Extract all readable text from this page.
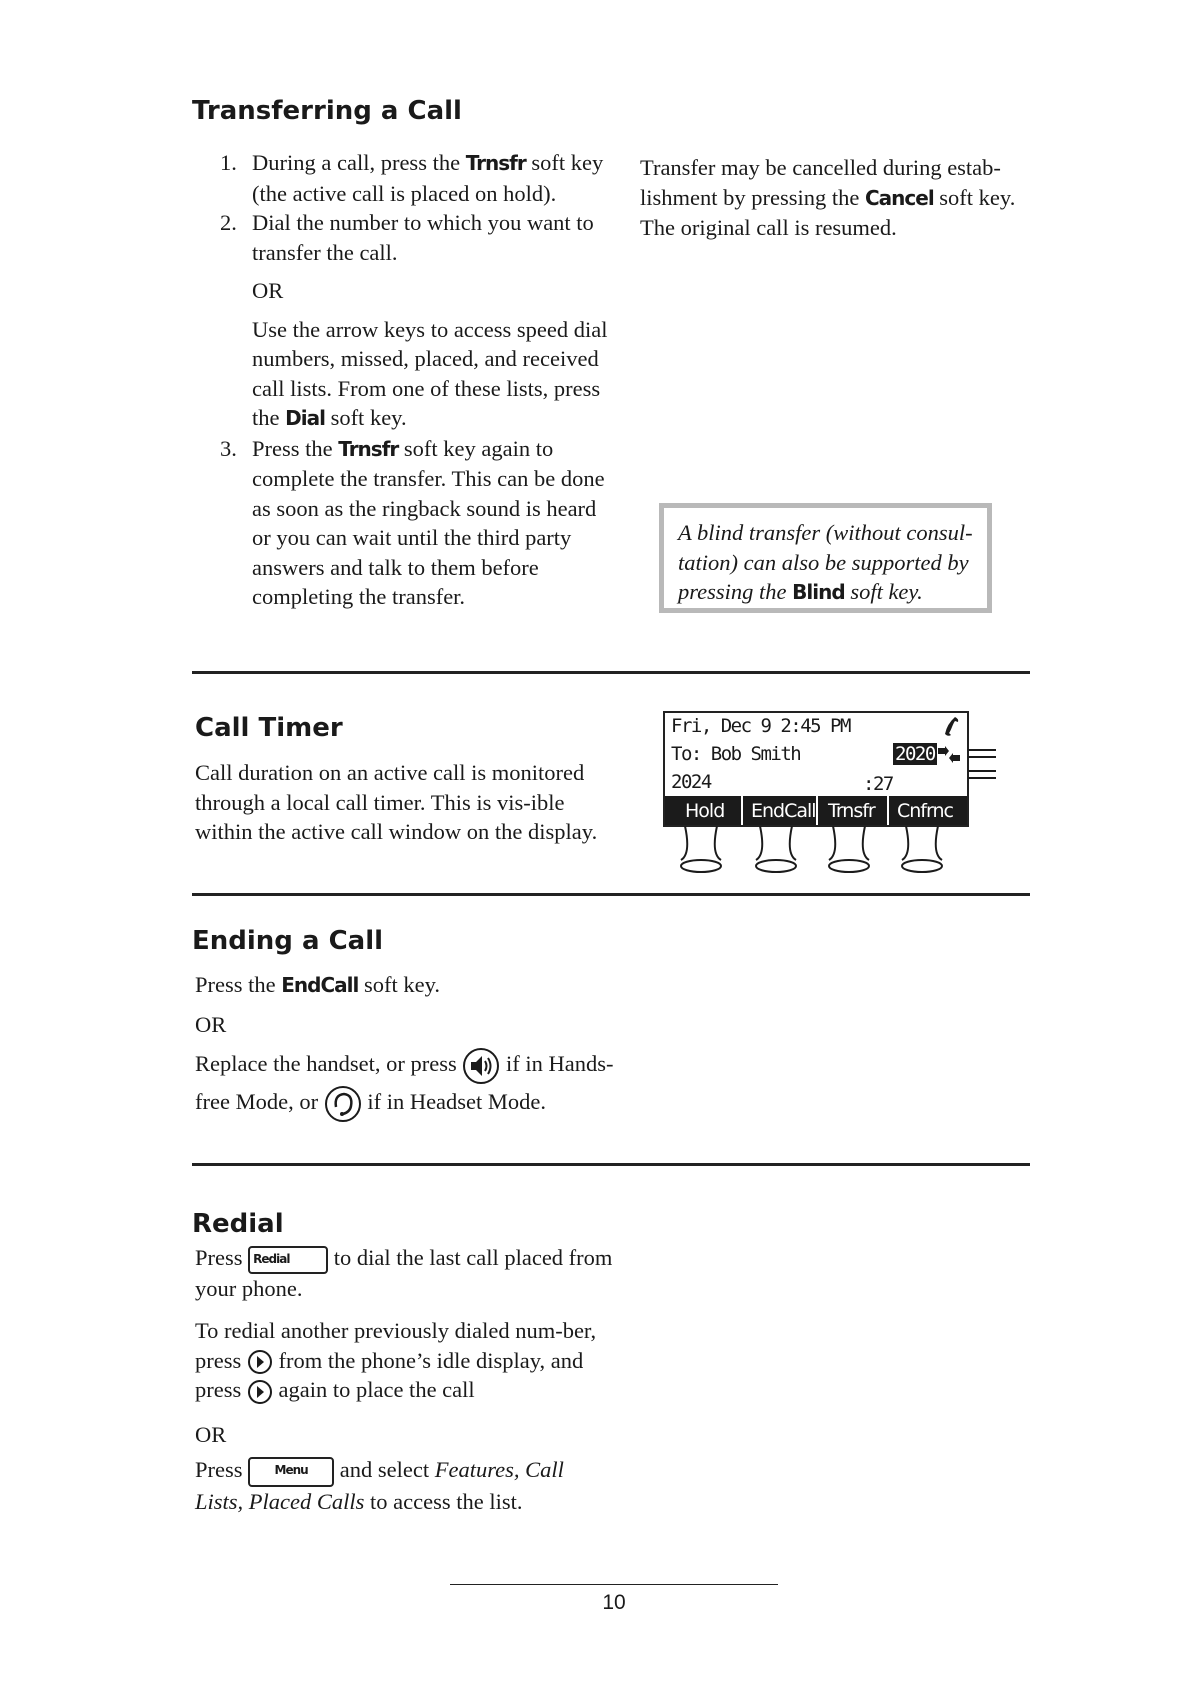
Transferring a Call
1. During a call, press the Trnsfr soft key (the active call is placed on hold).
2. Dial the number to which you want to transfer the call.
OR
Use the arrow keys to access speed dial numbers, missed, placed, and received call lists. From one of these lists, press the Dial soft key.
3. Press the Trnsfr soft key again to complete the transfer. This can be done as soon as the ringback sound is heard or you can wait until the third party answers and talk to them before completing the transfer.
Transfer may be cancelled during estab-lishment by pressing the Cancel soft key. The original call is resumed.
A blind transfer (without consul-tation) can also be supported by pressing the Blind soft key.
Call Timer
Call duration on an active call is monitored through a local call timer. This is vis-ible within the active call window on the display.
Fri, Dec 9 2:45 PM
To: Bob Smith
2024	:27
2020
Hold EndCall Trnsfr Cnfrnc
Ending a Call
Press the EndCall soft key.
OR
Replace the handset, or press  if in Hands-free Mode, or  if in Headset Mode.
Redial
Press Redial to dial the last call placed from your phone.
To redial another previously dialed num-ber, press  from the phone’s idle display, and press  again to place the call
OR
Press Menu and select Features, Call Lists, Placed Calls to access the list.
10
